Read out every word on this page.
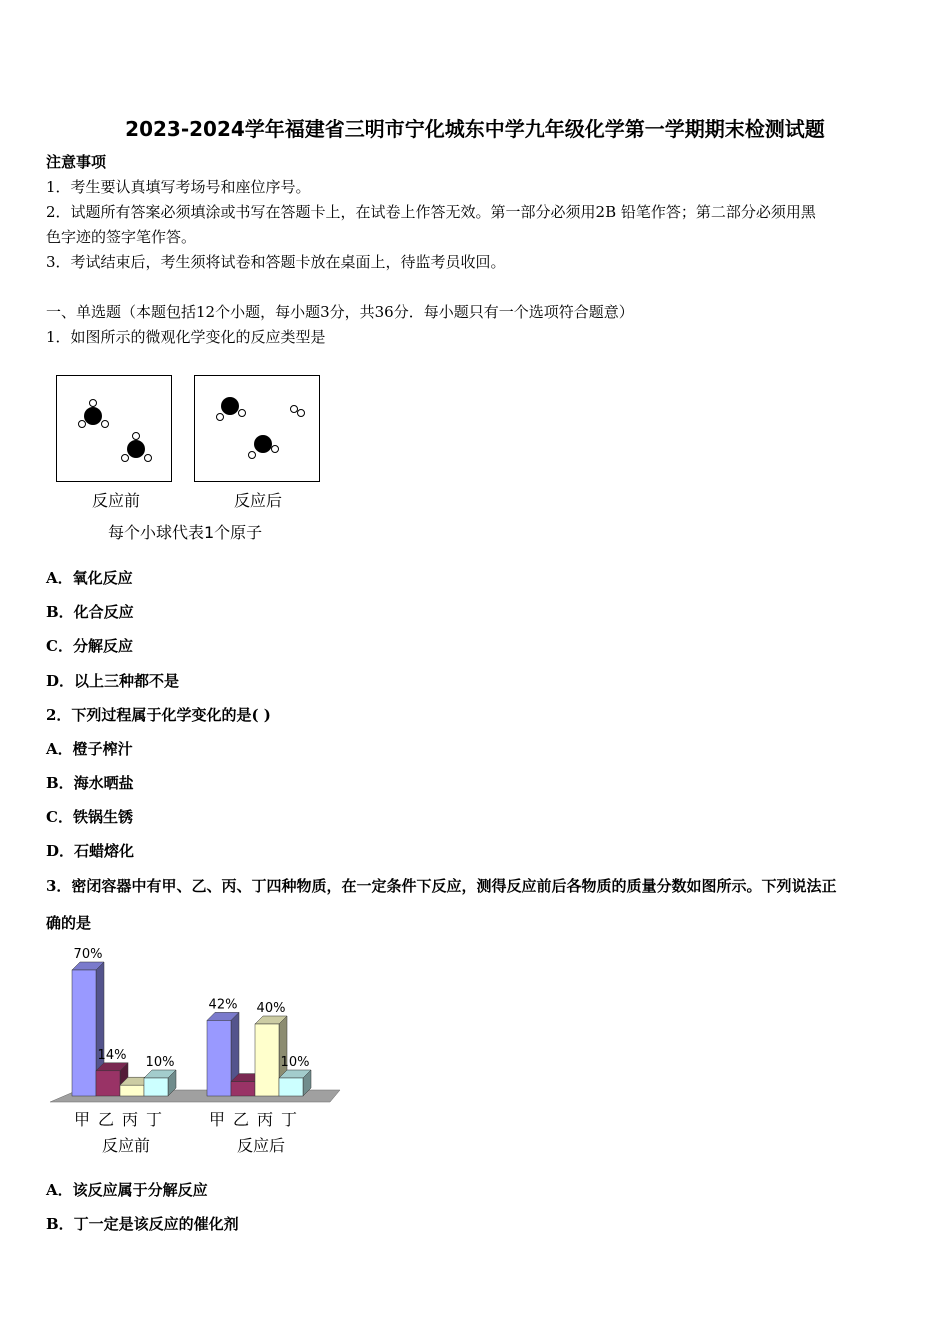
2023-2024学年福建省三明市宁化城东中学九年级化学第一学期期末检测试题
注意事项
1．考生要认真填写考场号和座位序号。
2．试题所有答案必须填涂或书写在答题卡上，在试卷上作答无效。第一部分必须用2B 铅笔作答；第二部分必须用黑
色字迹的签字笔作答。
3．考试结束后，考生须将试卷和答题卡放在桌面上，待监考员收回。
一、单选题（本题包括12个小题，每小题3分，共36分．每小题只有一个选项符合题意）
1．如图所示的微观化学变化的反应类型是
反应前	反应后
每个小球代表1个原子
A．氧化反应
B．化合反应
C．分解反应
D．以上三种都不是
2．下列过程属于化学变化的是( )
A．橙子榨汁
B．海水晒盐
C．铁锅生锈
D．石蜡熔化
3．密闭容器中有甲、乙、丙、丁四种物质，在一定条件下反应，测得反应前后各物质的质量分数如图所示。下列说法正
确的是
70%
14% 10%
42% 40%
10%
甲 乙 丙 丁
反应前
甲 乙 丙 丁
反应后
A．该反应属于分解反应
B．丁一定是该反应的催化剂
